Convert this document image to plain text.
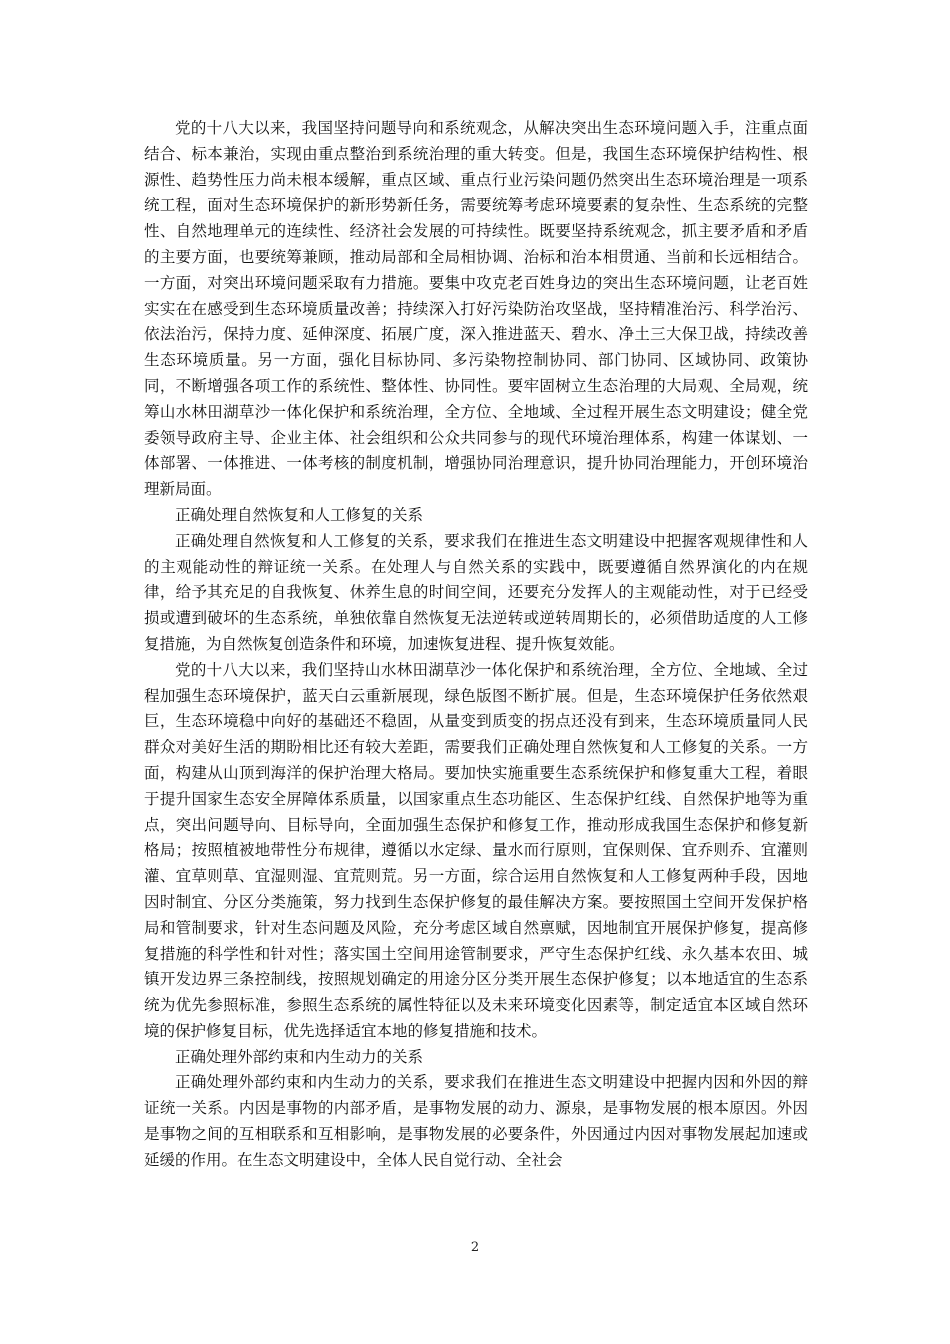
党的十八大以来，我国坚持问题导向和系统观念，从解决突出生态环境问题入手，注重点面结合、标本兼治，实现由重点整治到系统治理的重大转变。但是，我国生态环境保护结构性、根源性、趋势性压力尚未根本缓解，重点区域、重点行业污染问题仍然突出生态环境治理是一项系统工程，面对生态环境保护的新形势新任务，需要统筹考虑环境要素的复杂性、生态系统的完整性、自然地理单元的连续性、经济社会发展的可持续性。既要坚持系统观念，抓主要矛盾和矛盾的主要方面，也要统筹兼顾，推动局部和全局相协调、治标和治本相贯通、当前和长远相结合。一方面，对突出环境问题采取有力措施。要集中攻克老百姓身边的突出生态环境问题，让老百姓实实在在感受到生态环境质量改善；持续深入打好污染防治攻坚战，坚持精准治污、科学治污、依法治污，保持力度、延伸深度、拓展广度，深入推进蓝天、碧水、净土三大保卫战，持续改善生态环境质量。另一方面，强化目标协同、多污染物控制协同、部门协同、区域协同、政策协同，不断增强各项工作的系统性、整体性、协同性。要牢固树立生态治理的大局观、全局观，统筹山水林田湖草沙一体化保护和系统治理，全方位、全地域、全过程开展生态文明建设；健全党委领导政府主导、企业主体、社会组织和公众共同参与的现代环境治理体系，构建一体谋划、一体部署、一体推进、一体考核的制度机制，增强协同治理意识，提升协同治理能力，开创环境治理新局面。

正确处理自然恢复和人工修复的关系

正确处理自然恢复和人工修复的关系，要求我们在推进生态文明建设中把握客观规律性和人的主观能动性的辩证统一关系。在处理人与自然关系的实践中，既要遵循自然界演化的内在规律，给予其充足的自我恢复、休养生息的时间空间，还要充分发挥人的主观能动性，对于已经受损或遭到破坏的生态系统，单独依靠自然恢复无法逆转或逆转周期长的，必须借助适度的人工修复措施，为自然恢复创造条件和环境，加速恢复进程、提升恢复效能。

党的十八大以来，我们坚持山水林田湖草沙一体化保护和系统治理，全方位、全地域、全过程加强生态环境保护，蓝天白云重新展现，绿色版图不断扩展。但是，生态环境保护任务依然艰巨，生态环境稳中向好的基础还不稳固，从量变到质变的拐点还没有到来，生态环境质量同人民群众对美好生活的期盼相比还有较大差距，需要我们正确处理自然恢复和人工修复的关系。一方面，构建从山顶到海洋的保护治理大格局。要加快实施重要生态系统保护和修复重大工程，着眼于提升国家生态安全屏障体系质量，以国家重点生态功能区、生态保护红线、自然保护地等为重点，突出问题导向、目标导向，全面加强生态保护和修复工作，推动形成我国生态保护和修复新格局；按照植被地带性分布规律，遵循以水定绿、量水而行原则，宜保则保、宜乔则乔、宜灌则灌、宜草则草、宜湿则湿、宜荒则荒。另一方面，综合运用自然恢复和人工修复两种手段，因地因时制宜、分区分类施策，努力找到生态保护修复的最佳解决方案。要按照国土空间开发保护格局和管制要求，针对生态问题及风险，充分考虑区域自然禀赋，因地制宜开展保护修复，提高修复措施的科学性和针对性；落实国土空间用途管制要求，严守生态保护红线、永久基本农田、城镇开发边界三条控制线，按照规划确定的用途分区分类开展生态保护修复；以本地适宜的生态系统为优先参照标准，参照生态系统的属性特征以及未来环境变化因素等，制定适宜本区域自然环境的保护修复目标，优先选择适宜本地的修复措施和技术。

正确处理外部约束和内生动力的关系

正确处理外部约束和内生动力的关系，要求我们在推进生态文明建设中把握内因和外因的辩证统一关系。内因是事物的内部矛盾，是事物发展的动力、源泉，是事物发展的根本原因。外因是事物之间的互相联系和互相影响，是事物发展的必要条件，外因通过内因对事物发展起加速或延缓的作用。在生态文明建设中，全体人民自觉行动、全社会

2
